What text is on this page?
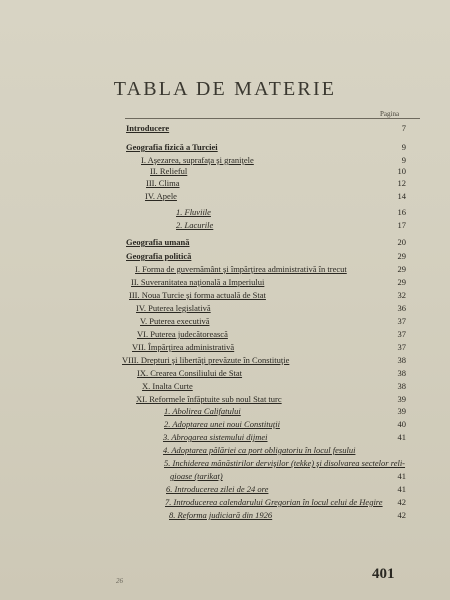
TABLA DE MATERIE
Pagina
Introducere	7
Geografia fizică a Turciei	9
I. Aşezarea, suprafaţa şi graniţele	9
II. Relieful	10
III. Clima	12
IV. Apele	14
1. Fluviile	16
2. Lacurile	17
Geografia umană	20
Geografia politică	29
I. Forma de guvernământ şi împărţirea administrativă în trecut	29
II. Suveranitatea naţională a Imperiului	29
III. Noua Turcie şi forma actuală de Stat	32
IV. Puterea legislativă	36
V. Puterea executivă	37
VI. Puterea judecătorească	37
VII. Împărţirea administrativă	37
VIII. Drepturi şi libertăţi prevăzute în Constituţie	38
IX. Crearea Consiliului de Stat	38
X. Inalta Curte	38
XI. Reformele înfăptuite sub noul Stat turc	39
1. Abolirea Califatului	39
2. Adoptarea unei noui Constituţii	40
3. Abrogarea sistemului dijmei	41
4. Adoptarea pălăriei ca port obligatoriu în locul fesului
5. Inchiderea mănăstirilor dervişilor (tekke) şi disolvarea sectelor reli-
gioase (tarikat)	41
6. Introducerea zilei de 24 ore	41
7. Introducerea calendarului Gregorian în locul celui de Hegire	42
8. Reforma judiciară din 1926	42
26	401
